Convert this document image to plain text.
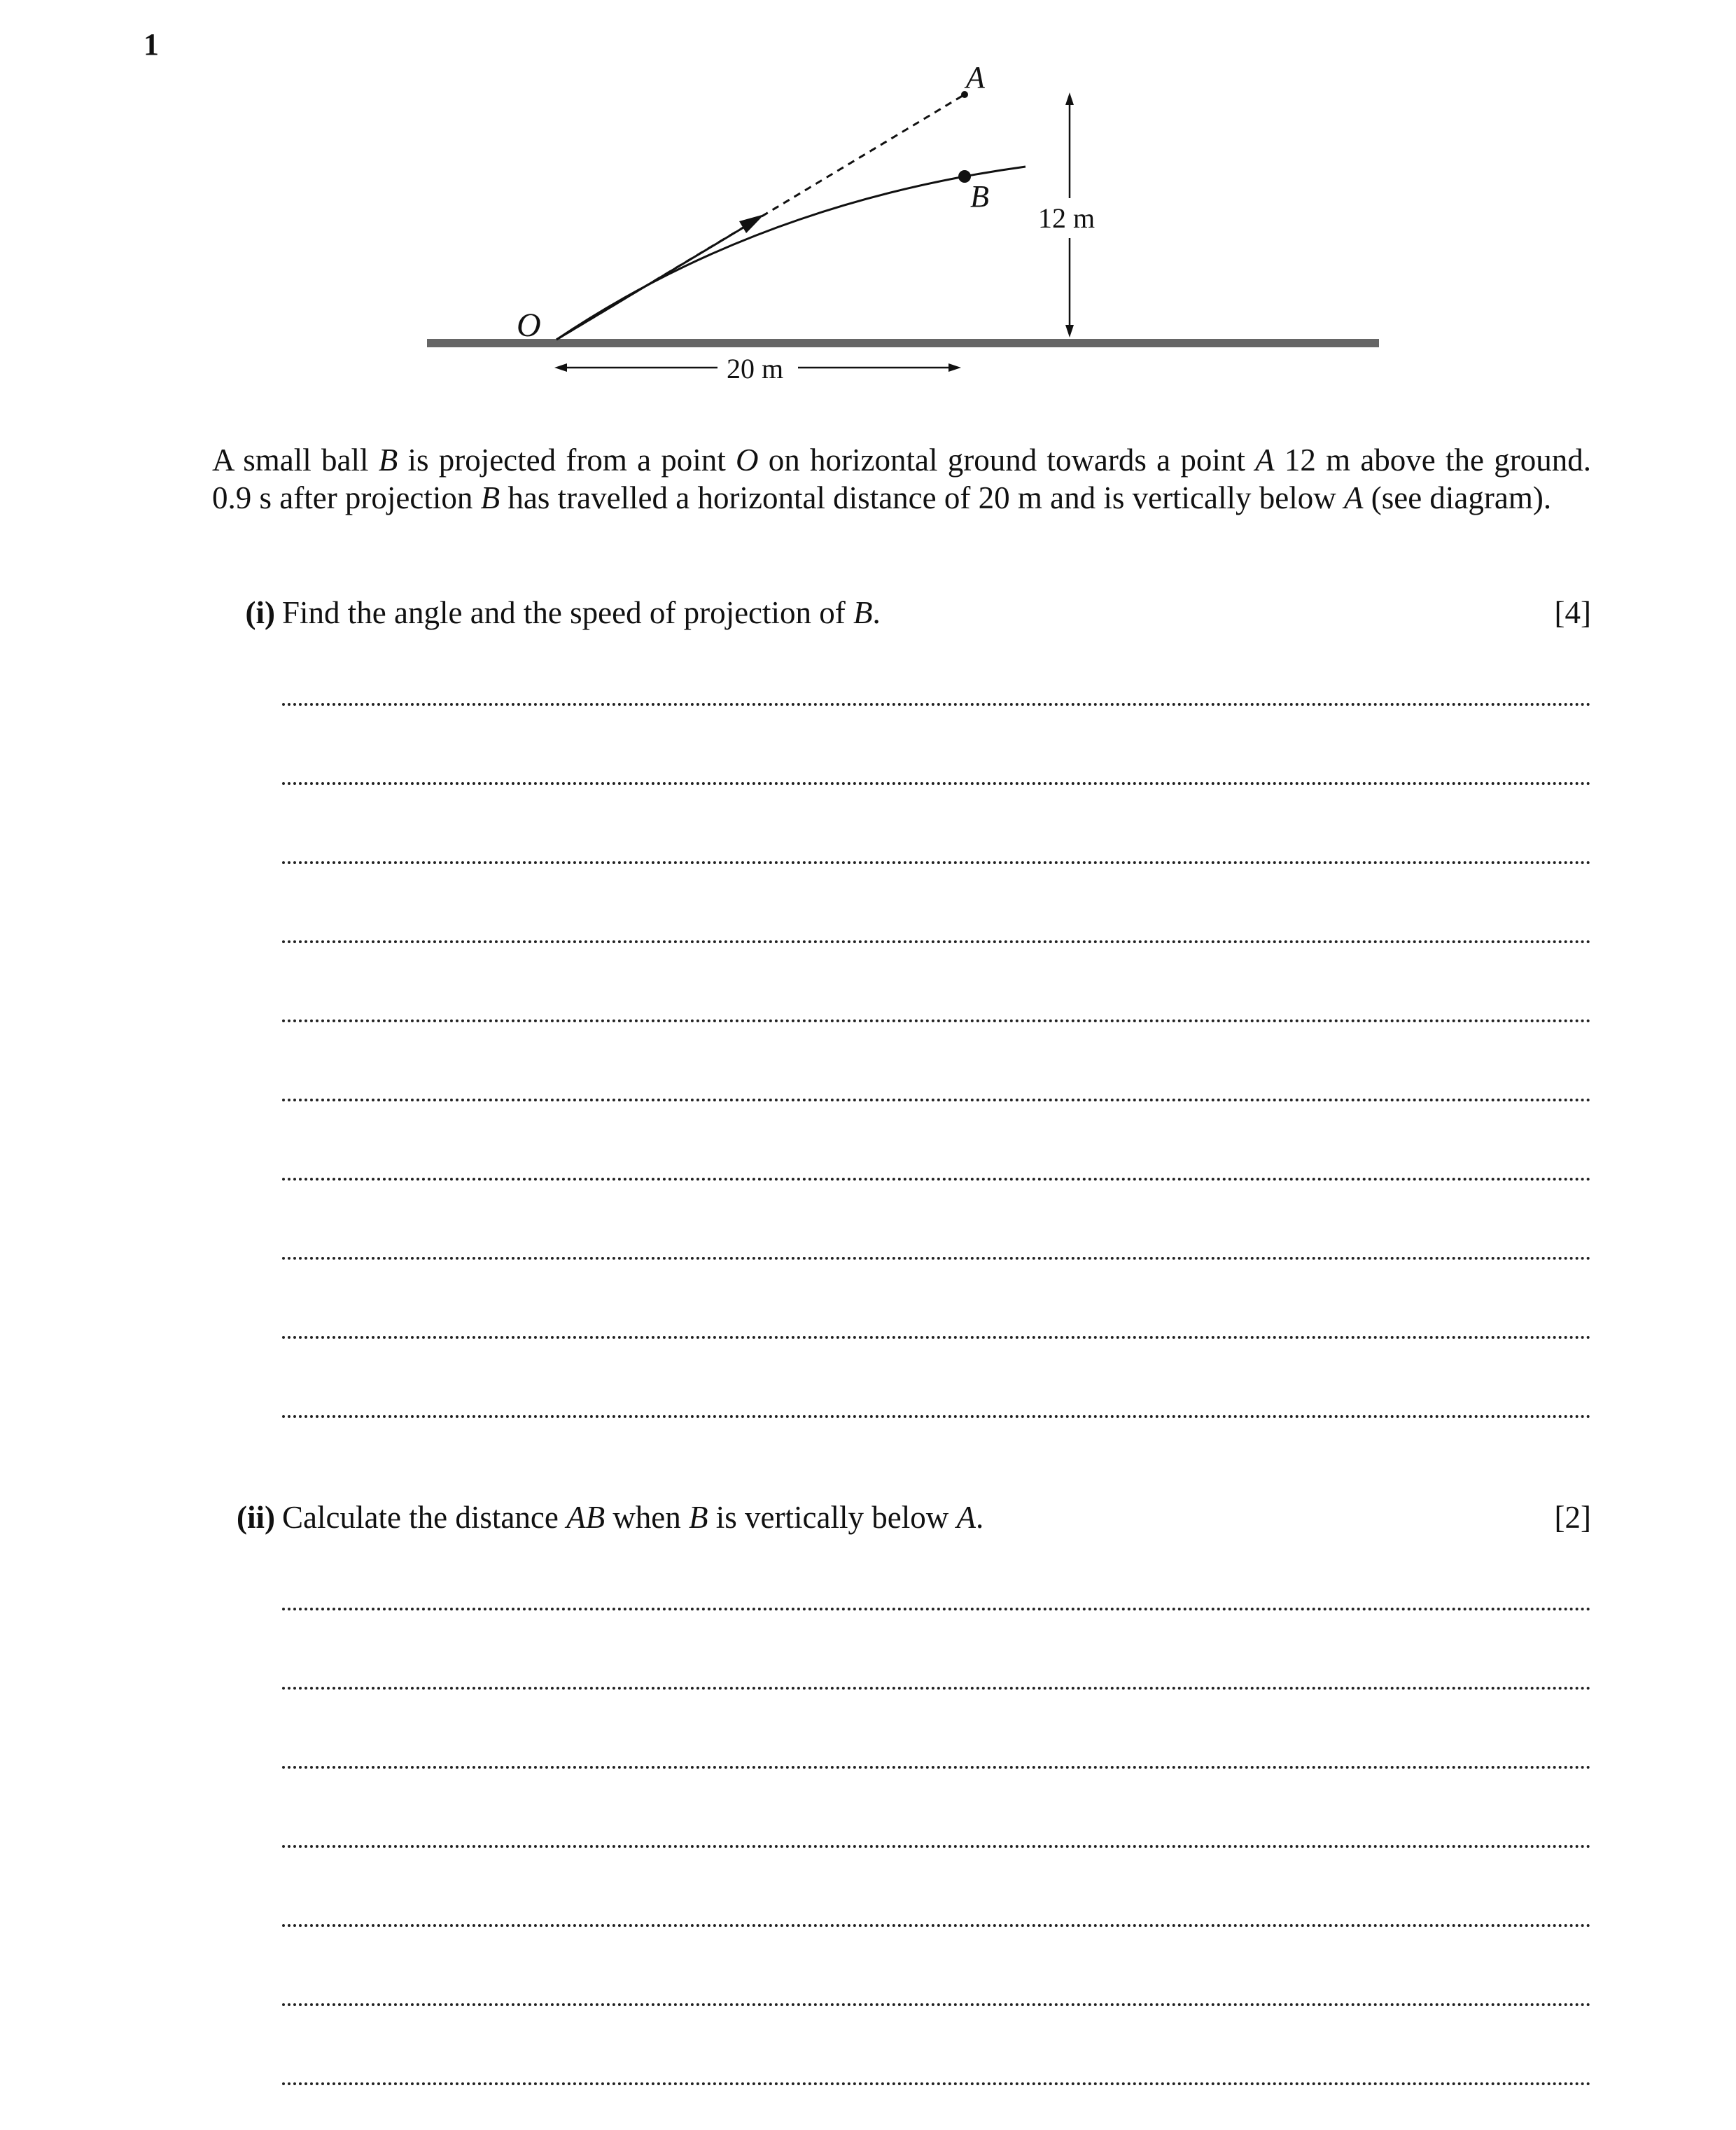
1
A
B
O
12 m
20 m
A small ball B is projected from a point O on horizontal ground towards a point A 12 m above the ground. 0.9 s after projection B has travelled a horizontal distance of 20 m and is vertically below A (see diagram).
(i) Find the angle and the speed of projection of B.	[4]
(ii) Calculate the distance AB when B is vertically below A.	[2]
